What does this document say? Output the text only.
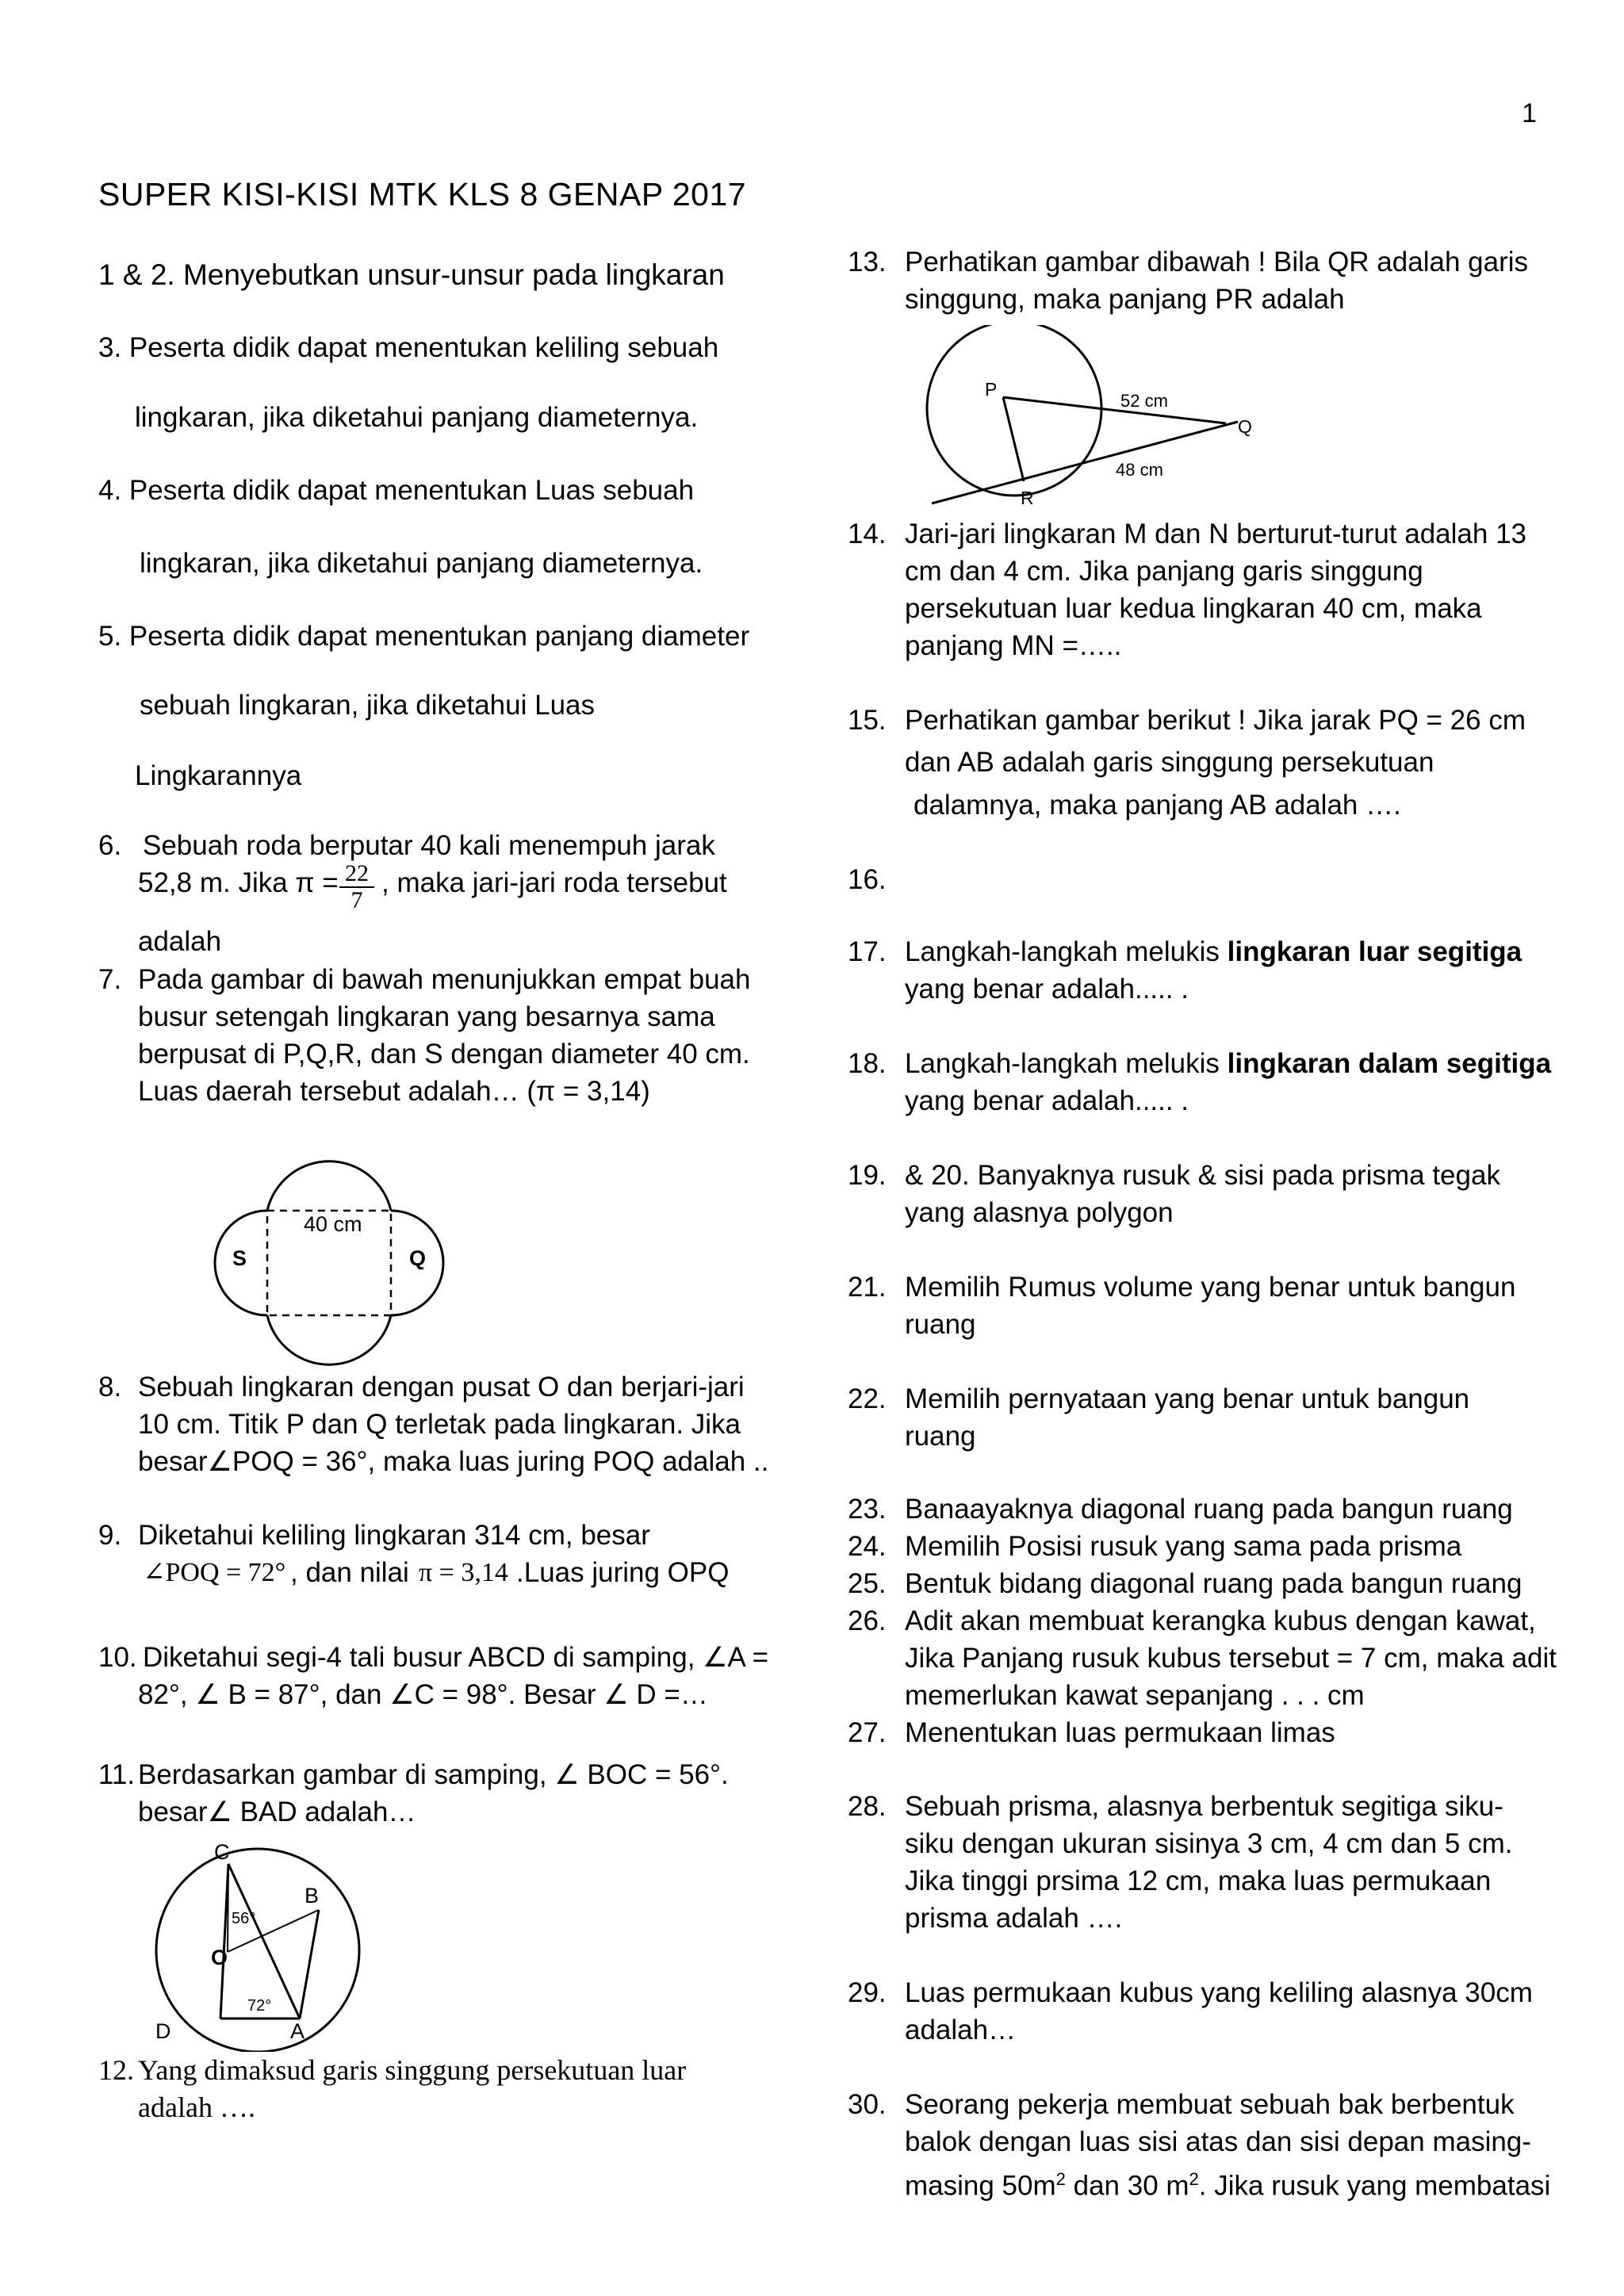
1
SUPER KISI-KISI MTK KLS 8 GENAP 2017
1 & 2. Menyebutkan unsur-unsur pada lingkaran
3. Peserta didik dapat menentukan keliling sebuah
lingkaran, jika diketahui panjang diameternya.
4. Peserta didik dapat menentukan Luas sebuah
lingkaran, jika diketahui panjang diameternya.
5. Peserta didik dapat menentukan panjang diameter
sebuah lingkaran, jika diketahui Luas
Lingkarannya
6. Sebuah roda berputar 40 kali menempuh jarak
52,8 m. Jika π = 22
7
, maka jari-jari roda tersebut
adalah
7. Pada gambar di bawah menunjukkan empat buah
busur setengah lingkaran yang besarnya sama
berpusat di P,Q,R, dan S dengan diameter 40 cm.
Luas daerah tersebut adalah… (π = 3,14)
40 cm
S	Q
8. Sebuah lingkaran dengan pusat O dan berjari-jari
10 cm. Titik P dan Q terletak pada lingkaran. Jika
besar∠POQ = 36°, maka luas juring POQ adalah ..
9. Diketahui keliling lingkaran 314 cm, besar
∠POQ = 72° , dan nilai π = 3,14 .Luas juring OPQ
10. Diketahui segi-4 tali busur ABCD di samping, ∠A =
82°, ∠ B = 87°, dan ∠C = 98°. Besar ∠ D =…
11. Berdasarkan gambar di samping, ∠ BOC = 56°.
besar∠ BAD adalah…
C
B
O
D	A
56°
72°
12. Yang dimaksud garis singgung persekutuan luar
adalah ….
13. Perhatikan gambar dibawah ! Bila QR adalah garis
singgung, maka panjang PR adalah
P
Q
R
52 cm
48 cm
14. Jari-jari lingkaran M dan N berturut-turut adalah 13
cm dan 4 cm. Jika panjang garis singgung
persekutuan luar kedua lingkaran 40 cm, maka
panjang MN =…..
15. Perhatikan gambar berikut ! Jika jarak PQ = 26 cm
dan AB adalah garis singgung persekutuan
dalamnya, maka panjang AB adalah ….
16.
17. Langkah-langkah melukis lingkaran luar segitiga
yang benar adalah..... .
18. Langkah-langkah melukis lingkaran dalam segitiga
yang benar adalah..... .
19. & 20. Banyaknya rusuk & sisi pada prisma tegak
yang alasnya polygon
21. Memilih Rumus volume yang benar untuk bangun
ruang
22. Memilih pernyataan yang benar untuk bangun
ruang
23. Banaayaknya diagonal ruang pada bangun ruang
24. Memilih Posisi rusuk yang sama pada prisma
25. Bentuk bidang diagonal ruang pada bangun ruang
26. Adit akan membuat kerangka kubus dengan kawat,
Jika Panjang rusuk kubus tersebut = 7 cm, maka adit
memerlukan kawat sepanjang . . . cm
27. Menentukan luas permukaan limas
28. Sebuah prisma, alasnya berbentuk segitiga siku-
siku dengan ukuran sisinya 3 cm, 4 cm dan 5 cm.
Jika tinggi prsima 12 cm, maka luas permukaan
prisma adalah ….
29. Luas permukaan kubus yang keliling alasnya 30cm
adalah…
30. Seorang pekerja membuat sebuah bak berbentuk
balok dengan luas sisi atas dan sisi depan masing-
masing $50m^2$ dan 30 $m^2$. Jika rusuk yang membatasi
